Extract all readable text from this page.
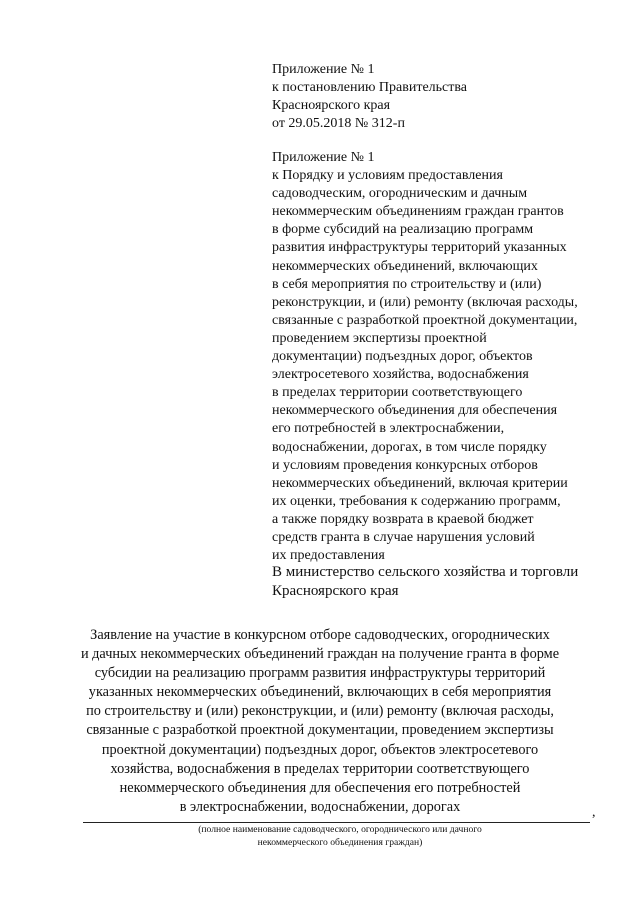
Приложение № 1
к постановлению Правительства
Красноярского края
от 29.05.2018 № 312-п
Приложение № 1
к Порядку и условиям предоставления
садоводческим, огородническим и дачным
некоммерческим объединениям граждан грантов
в форме субсидий на реализацию программ
развития инфраструктуры территорий указанных
некоммерческих объединений, включающих
в себя мероприятия по строительству и (или)
реконструкции, и (или) ремонту (включая расходы,
связанные с разработкой проектной документации,
проведением экспертизы проектной
документации) подъездных дорог, объектов
электросетевого хозяйства, водоснабжения
в пределах территории соответствующего
некоммерческого объединения для обеспечения
его потребностей в электроснабжении,
водоснабжении, дорогах, в том числе порядку
и условиям проведения конкурсных отборов
некоммерческих объединений, включая критерии
их оценки, требования к содержанию программ,
а также порядку возврата в краевой бюджет
средств гранта в случае нарушения условий
их предоставления
В министерство сельского хозяйства и торговли
Красноярского края
Заявление на участие в конкурсном отборе садоводческих, огороднических
и дачных некоммерческих объединений граждан на получение гранта в форме
субсидии на реализацию программ развития инфраструктуры территорий
указанных некоммерческих объединений, включающих в себя мероприятия
по строительству и (или) реконструкции, и (или) ремонту (включая расходы,
связанные с разработкой проектной документации, проведением экспертизы
проектной документации) подъездных дорог, объектов электросетевого
хозяйства, водоснабжения в пределах территории соответствующего
некоммерческого объединения для обеспечения его потребностей
в электроснабжении, водоснабжении, дорогах	,
(полное наименование садоводческого, огороднического или дачного
некоммерческого объединения граждан)
